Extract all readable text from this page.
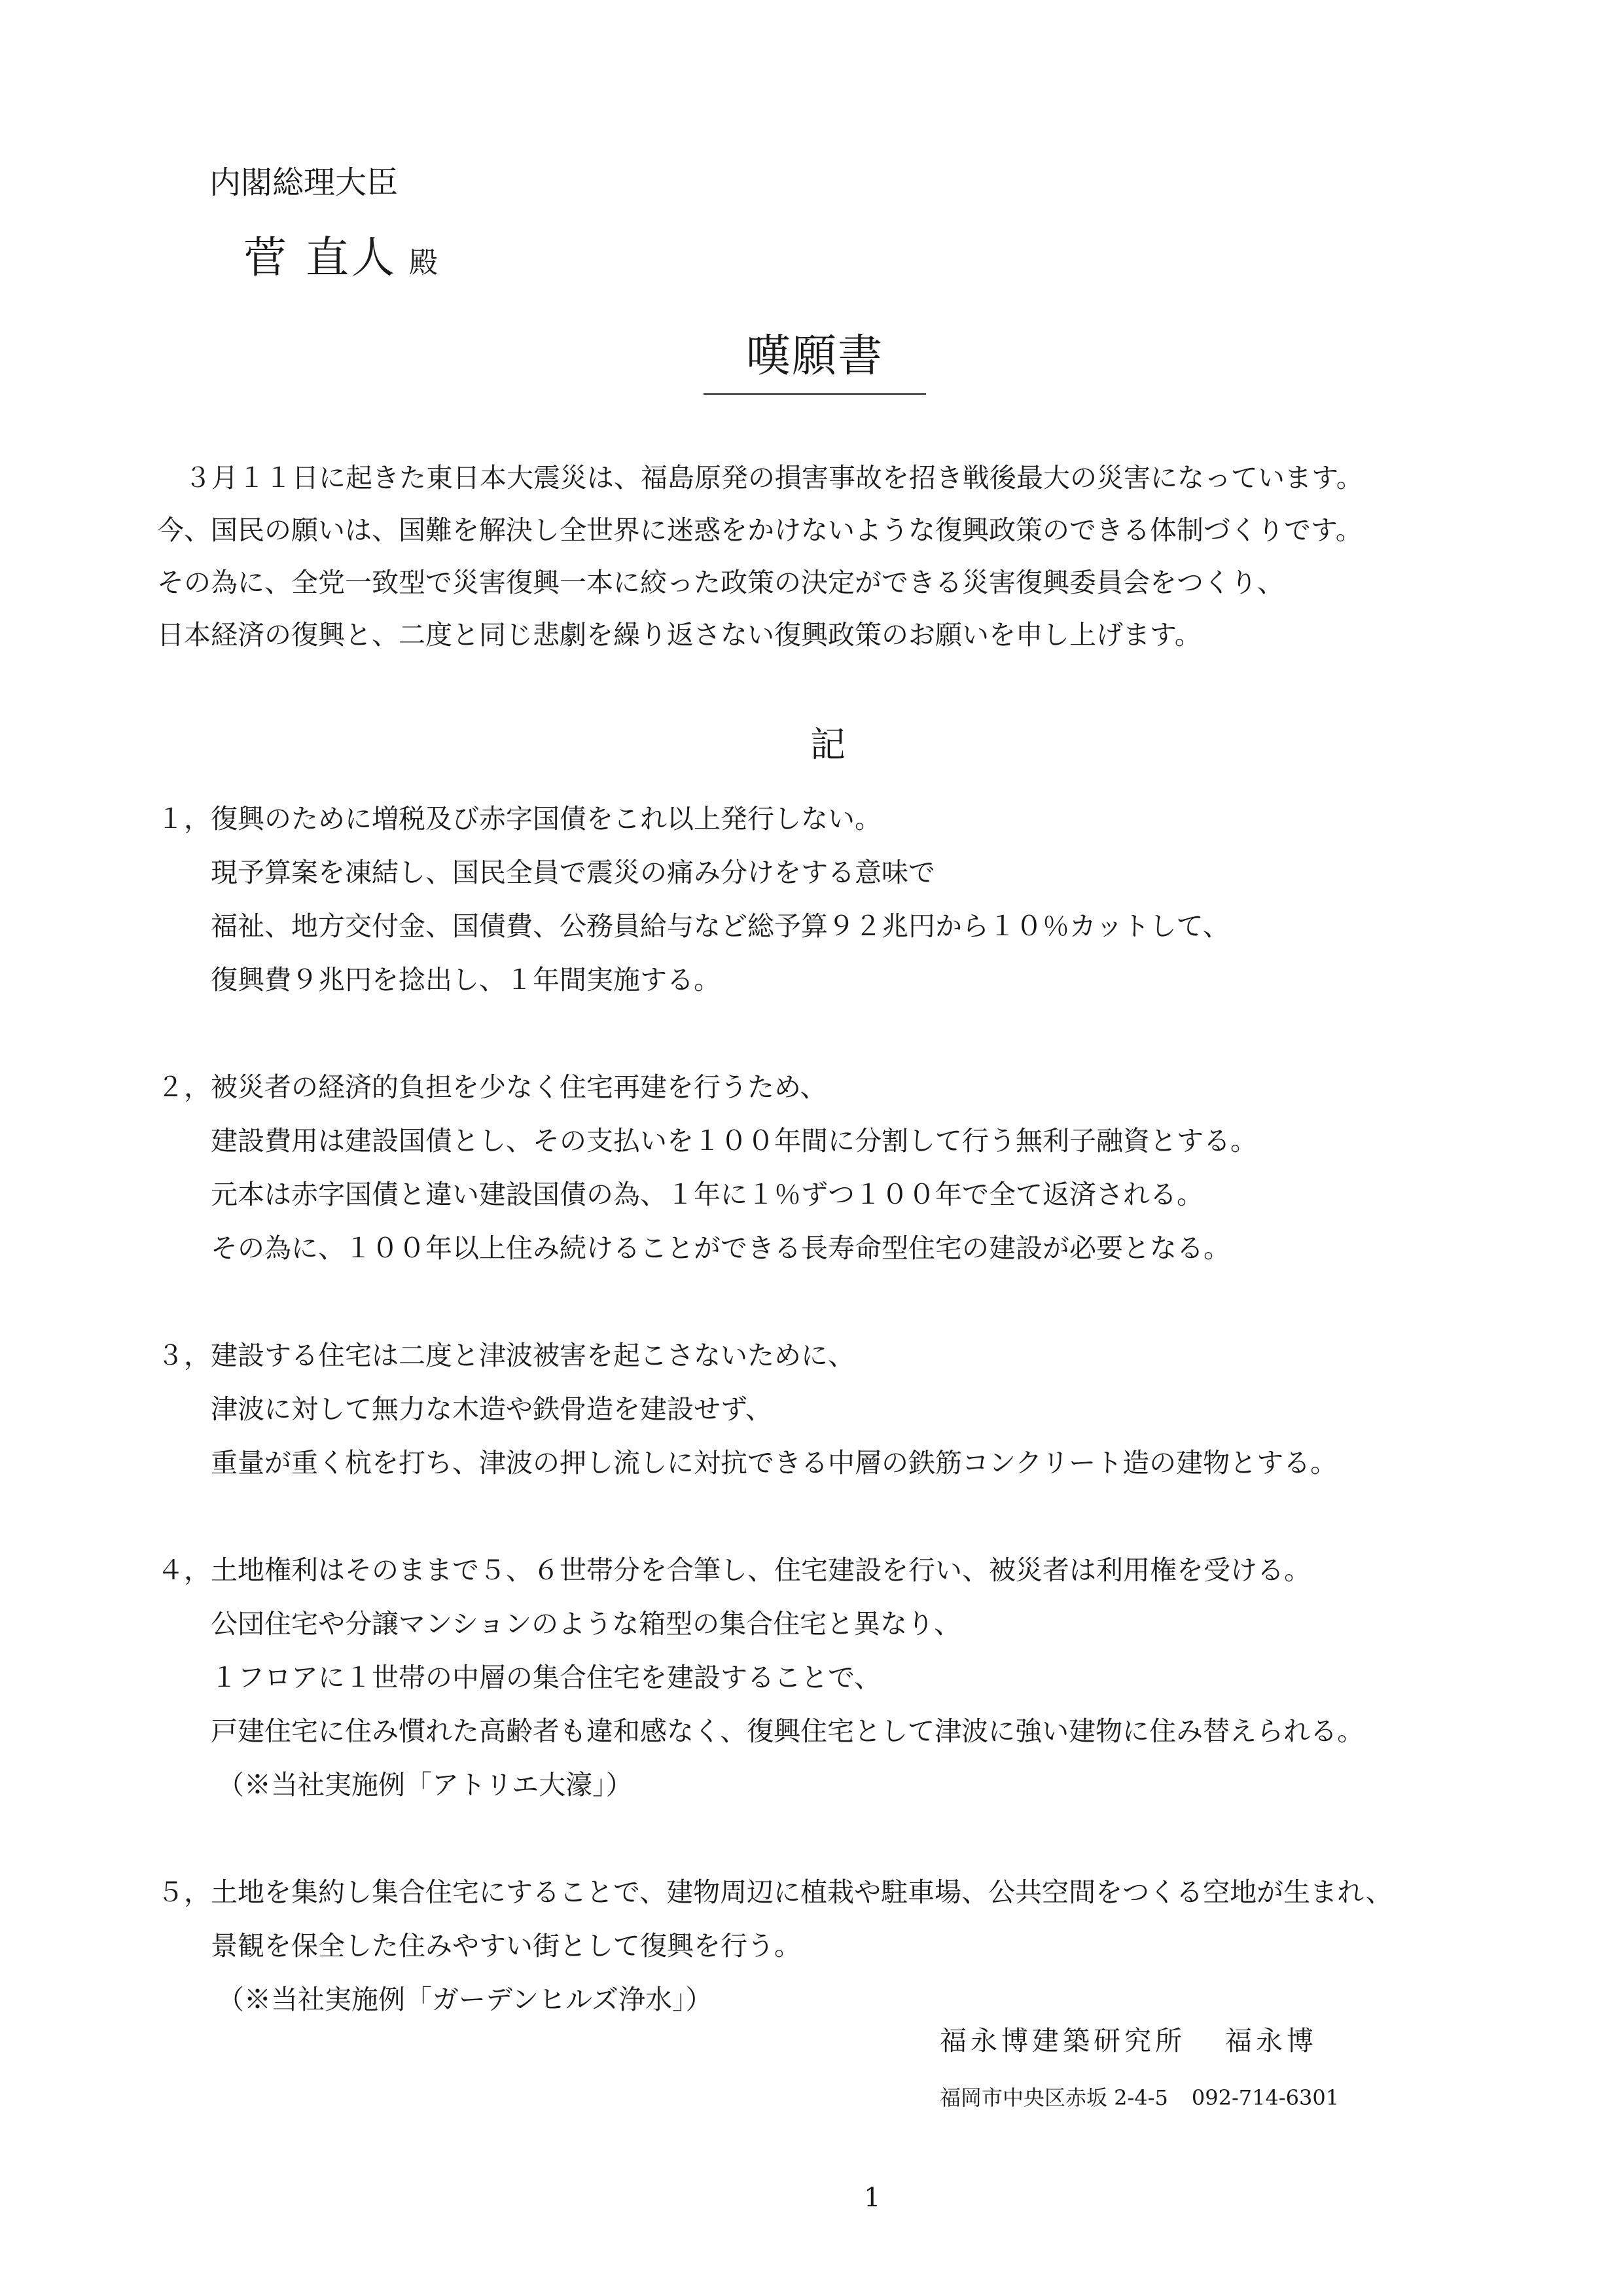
内閣総理大臣
菅 直人 殿
嘆願書
３月１１日に起きた東日本大震災は、福島原発の損害事故を招き戦後最大の災害になっています。
今、国民の願いは、国難を解決し全世界に迷惑をかけないような復興政策のできる体制づくりです。
その為に、全党一致型で災害復興一本に絞った政策の決定ができる災害復興委員会をつくり、
日本経済の復興と、二度と同じ悲劇を繰り返さない復興政策のお願いを申し上げます。
記
１，復興のために増税及び赤字国債をこれ以上発行しない。
現予算案を凍結し、国民全員で震災の痛み分けをする意味で
福祉、地方交付金、国債費、公務員給与など総予算９２兆円から１０％カットして、
復興費９兆円を捻出し、１年間実施する。
２，被災者の経済的負担を少なく住宅再建を行うため、
建設費用は建設国債とし、その支払いを１００年間に分割して行う無利子融資とする。
元本は赤字国債と違い建設国債の為、１年に１％ずつ１００年で全て返済される。
その為に、１００年以上住み続けることができる長寿命型住宅の建設が必要となる。
３，建設する住宅は二度と津波被害を起こさないために、
津波に対して無力な木造や鉄骨造を建設せず、
重量が重く杭を打ち、津波の押し流しに対抗できる中層の鉄筋コンクリート造の建物とする。
４，土地権利はそのままで５、６世帯分を合筆し、住宅建設を行い、被災者は利用権を受ける。
公団住宅や分譲マンションのような箱型の集合住宅と異なり、
１フロアに１世帯の中層の集合住宅を建設することで、
戸建住宅に住み慣れた高齢者も違和感なく、復興住宅として津波に強い建物に住み替えられる。
（※当社実施例「アトリエ大濠」）
５，土地を集約し集合住宅にすることで、建物周辺に植栽や駐車場、公共空間をつくる空地が生まれ、
景観を保全した住みやすい街として復興を行う。
（※当社実施例「ガーデンヒルズ浄水」）
福永博建築研究所 福永博
福岡市中央区赤坂 2-4-5 092-714-6301
1
